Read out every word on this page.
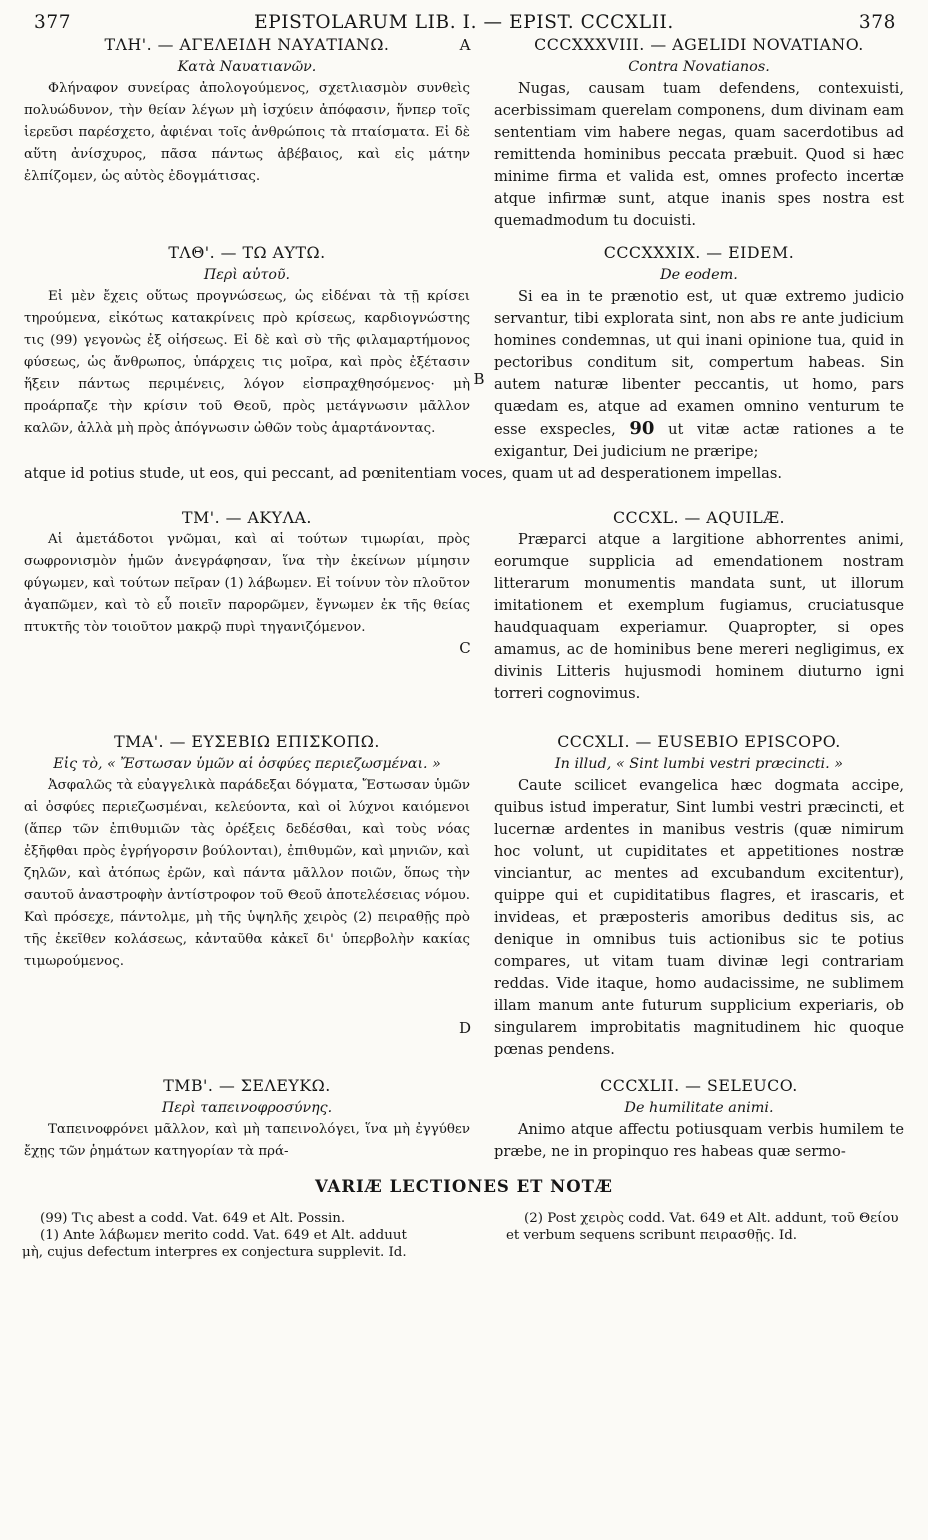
377	EPISTOLARUM LIB. I. — EPIST. CCCXLII.	378
A
ΤΛΗ'. — ΑΓΕΛΕΙΔΗ ΝΑΥΑΤΙΑΝΩ.

Κατὰ Ναυατιανῶν.

Φλήναφον συνείρας ἀπολογούμενος, σχετλιασμὸν συνθεὶς πολυώδυνον, τὴν θείαν λέγων μὴ ἰσχύειν ἀπόφασιν, ἥνπερ τοῖς ἱερεῦσι παρέσχετο, ἀφιέναι τοῖς ἀνθρώποις τὰ πταίσματα. Εἰ δὲ αὕτη ἀνίσχυρος, πᾶσα πάντως ἀβέβαιος, καὶ εἰς μάτην ἐλπίζομεν, ὡς αὐτὸς ἐδογμάτισας.

CCCXXXVIII. — AGELIDI NOVATIANO.

Contra Novatianos.

Nugas, causam tuam defendens, contexuisti, acerbissimam querelam componens, dum divinam eam sententiam vim habere negas, quam sacerdotibus ad remittenda hominibus peccata præbuit. Quod si hæc minime firma et valida est, omnes profecto incertæ atque infirmæ sunt, atque inanis spes nostra est quemadmodum tu docuisti.

B
ΤΛΘ'. — ΤΩ ΑΥΤΩ.

Περὶ αὐτοῦ.

Εἰ μὲν ἔχεις οὕτως προγνώσεως, ὡς εἰδέναι τὰ τῇ κρίσει τηρούμενα, εἰκότως κατακρίνεις πρὸ κρίσεως, καρδιογνώστης τις (99) γεγονὼς ἐξ οἰήσεως. Εἰ δὲ καὶ σὺ τῆς φιλαμαρτήμονος φύσεως, ὡς ἄνθρωπος, ὑπάρχεις τις μοῖρα, καὶ πρὸς ἐξέτασιν ἥξειν πάντως περιμένεις, λόγον εἰσπραχθησόμενος· μὴ προάρπαζε τὴν κρίσιν τοῦ Θεοῦ, πρὸς μετάγνωσιν μᾶλλον καλῶν, ἀλλὰ μὴ πρὸς ἀπόγνωσιν ὠθῶν τοὺς ἁμαρτάνοντας.

CCCXXXIX. — EIDEM.

De eodem.

Si ea in te prænotio est, ut quæ extremo judicio servantur, tibi explorata sint, non abs re ante judicium homines condemnas, ut qui inani opinione tua, quid in pectoribus conditum sit, compertum habeas. Sin autem naturæ libenter peccantis, ut homo, pars quædam es, atque ad examen omnino venturum te esse exspecles, 90 ut vitæ actæ rationes a te exigantur, Dei judicium ne præripe;

atque id potius stude, ut eos, qui peccant, ad pœnitentiam voces, quam ut ad desperationem impellas.

C
ΤΜ'. — ΑΚΥΛΑ.

Αἱ ἀμετάδοτοι γνῶμαι, καὶ αἱ τούτων τιμωρίαι, πρὸς σωφρονισμὸν ἡμῶν ἀνεγράφησαν, ἵνα τὴν ἐκείνων μίμησιν φύγωμεν, καὶ τούτων πεῖραν (1) λάβωμεν. Εἰ τοίνυν τὸν πλοῦτον ἀγαπῶμεν, καὶ τὸ εὖ ποιεῖν παρορῶμεν, ἔγνωμεν ἐκ τῆς θείας πτυκτῆς τὸν τοιοῦτον μακρῷ πυρὶ τηγανιζόμενον.

CCCXL. — AQUILÆ.

Præparci atque a largitione abhorrentes animi, eorumque supplicia ad emendationem nostram litterarum monumentis mandata sunt, ut illorum imitationem et exemplum fugiamus, cruciatusque haudquaquam experiamur. Quapropter, si opes amamus, ac de hominibus bene mereri negligimus, ex divinis Litteris hujusmodi hominem diuturno igni torreri cognovimus.

D
ΤΜΑ'. — ΕΥΣΕΒΙΩ ΕΠΙΣΚΟΠΩ.

Εἰς τὸ, « Ἔστωσαν ὑμῶν αἱ ὀσφύες περιεζωσμέναι. »

Ἀσφαλῶς τὰ εὐαγγελικὰ παράδεξαι δόγματα, Ἔστωσαν ὑμῶν αἱ ὀσφύες περιεζωσμέναι, κελεύοντα, καὶ οἱ λύχνοι καιόμενοι (ἅπερ τῶν ἐπιθυμιῶν τὰς ὀρέξεις δεδέσθαι, καὶ τοὺς νόας ἐξῆφθαι πρὸς ἐγρήγορσιν βούλονται), ἐπιθυμῶν, καὶ μηνιῶν, καὶ ζηλῶν, καὶ ἀτόπως ἐρῶν, καὶ πάντα μᾶλλον ποιῶν, ὅπως τὴν σαυτοῦ ἀναστροφὴν ἀντίστροφον τοῦ Θεοῦ ἀποτελέσειας νόμου. Καὶ πρόσεχε, πάντολμε, μὴ τῆς ὑψηλῆς χειρὸς (2) πειραθῇς πρὸ τῆς ἐκεῖθεν κολάσεως, κἀνταῦθα κἀκεῖ δι' ὑπερβολὴν κακίας τιμωρούμενος.

CCCXLI. — EUSEBIO EPISCOPO.

In illud, « Sint lumbi vestri præcincti. »

Caute scilicet evangelica hæc dogmata accipe, quibus istud imperatur, Sint lumbi vestri præcincti, et lucernæ ardentes in manibus vestris (quæ nimirum hoc volunt, ut cupiditates et appetitiones nostræ vinciantur, ac mentes ad excubandum excitentur), quippe qui et cupiditatibus flagres, et irascaris, et invideas, et præposteris amoribus deditus sis, ac denique in omnibus tuis actionibus sic te potius compares, ut vitam tuam divinæ legi contrariam reddas. Vide itaque, homo audacissime, ne sublimem illam manum ante futurum supplicium experiaris, ob singularem improbitatis magnitudinem hic quoque pœnas pendens.

ΤΜΒ'. — ΣΕΛΕΥΚΩ.

Περὶ ταπεινοφροσύνης.

Ταπεινοφρόνει μᾶλλον, καὶ μὴ ταπεινολόγει, ἵνα μὴ ἐγγύθεν ἔχῃς τῶν ῥημάτων κατηγορίαν τὰ πρά-

CCCXLII. — SELEUCO.

De humilitate animi.

Animo atque affectu potiusquam verbis humilem te præbe, ne in propinquo res habeas quæ sermo-

VARIÆ LECTIONES ET NOTÆ

(99) Τις abest a codd. Vat. 649 et Alt. Possin.

(1) Ante λάβωμεν merito codd. Vat. 649 et Alt. adduut μὴ, cujus defectum interpres ex conjectura supplevit. Id.

(2) Post χειρὸς codd. Vat. 649 et Alt. addunt, τοῦ Θείου et verbum sequens scribunt πειρασθῇς. Id.
